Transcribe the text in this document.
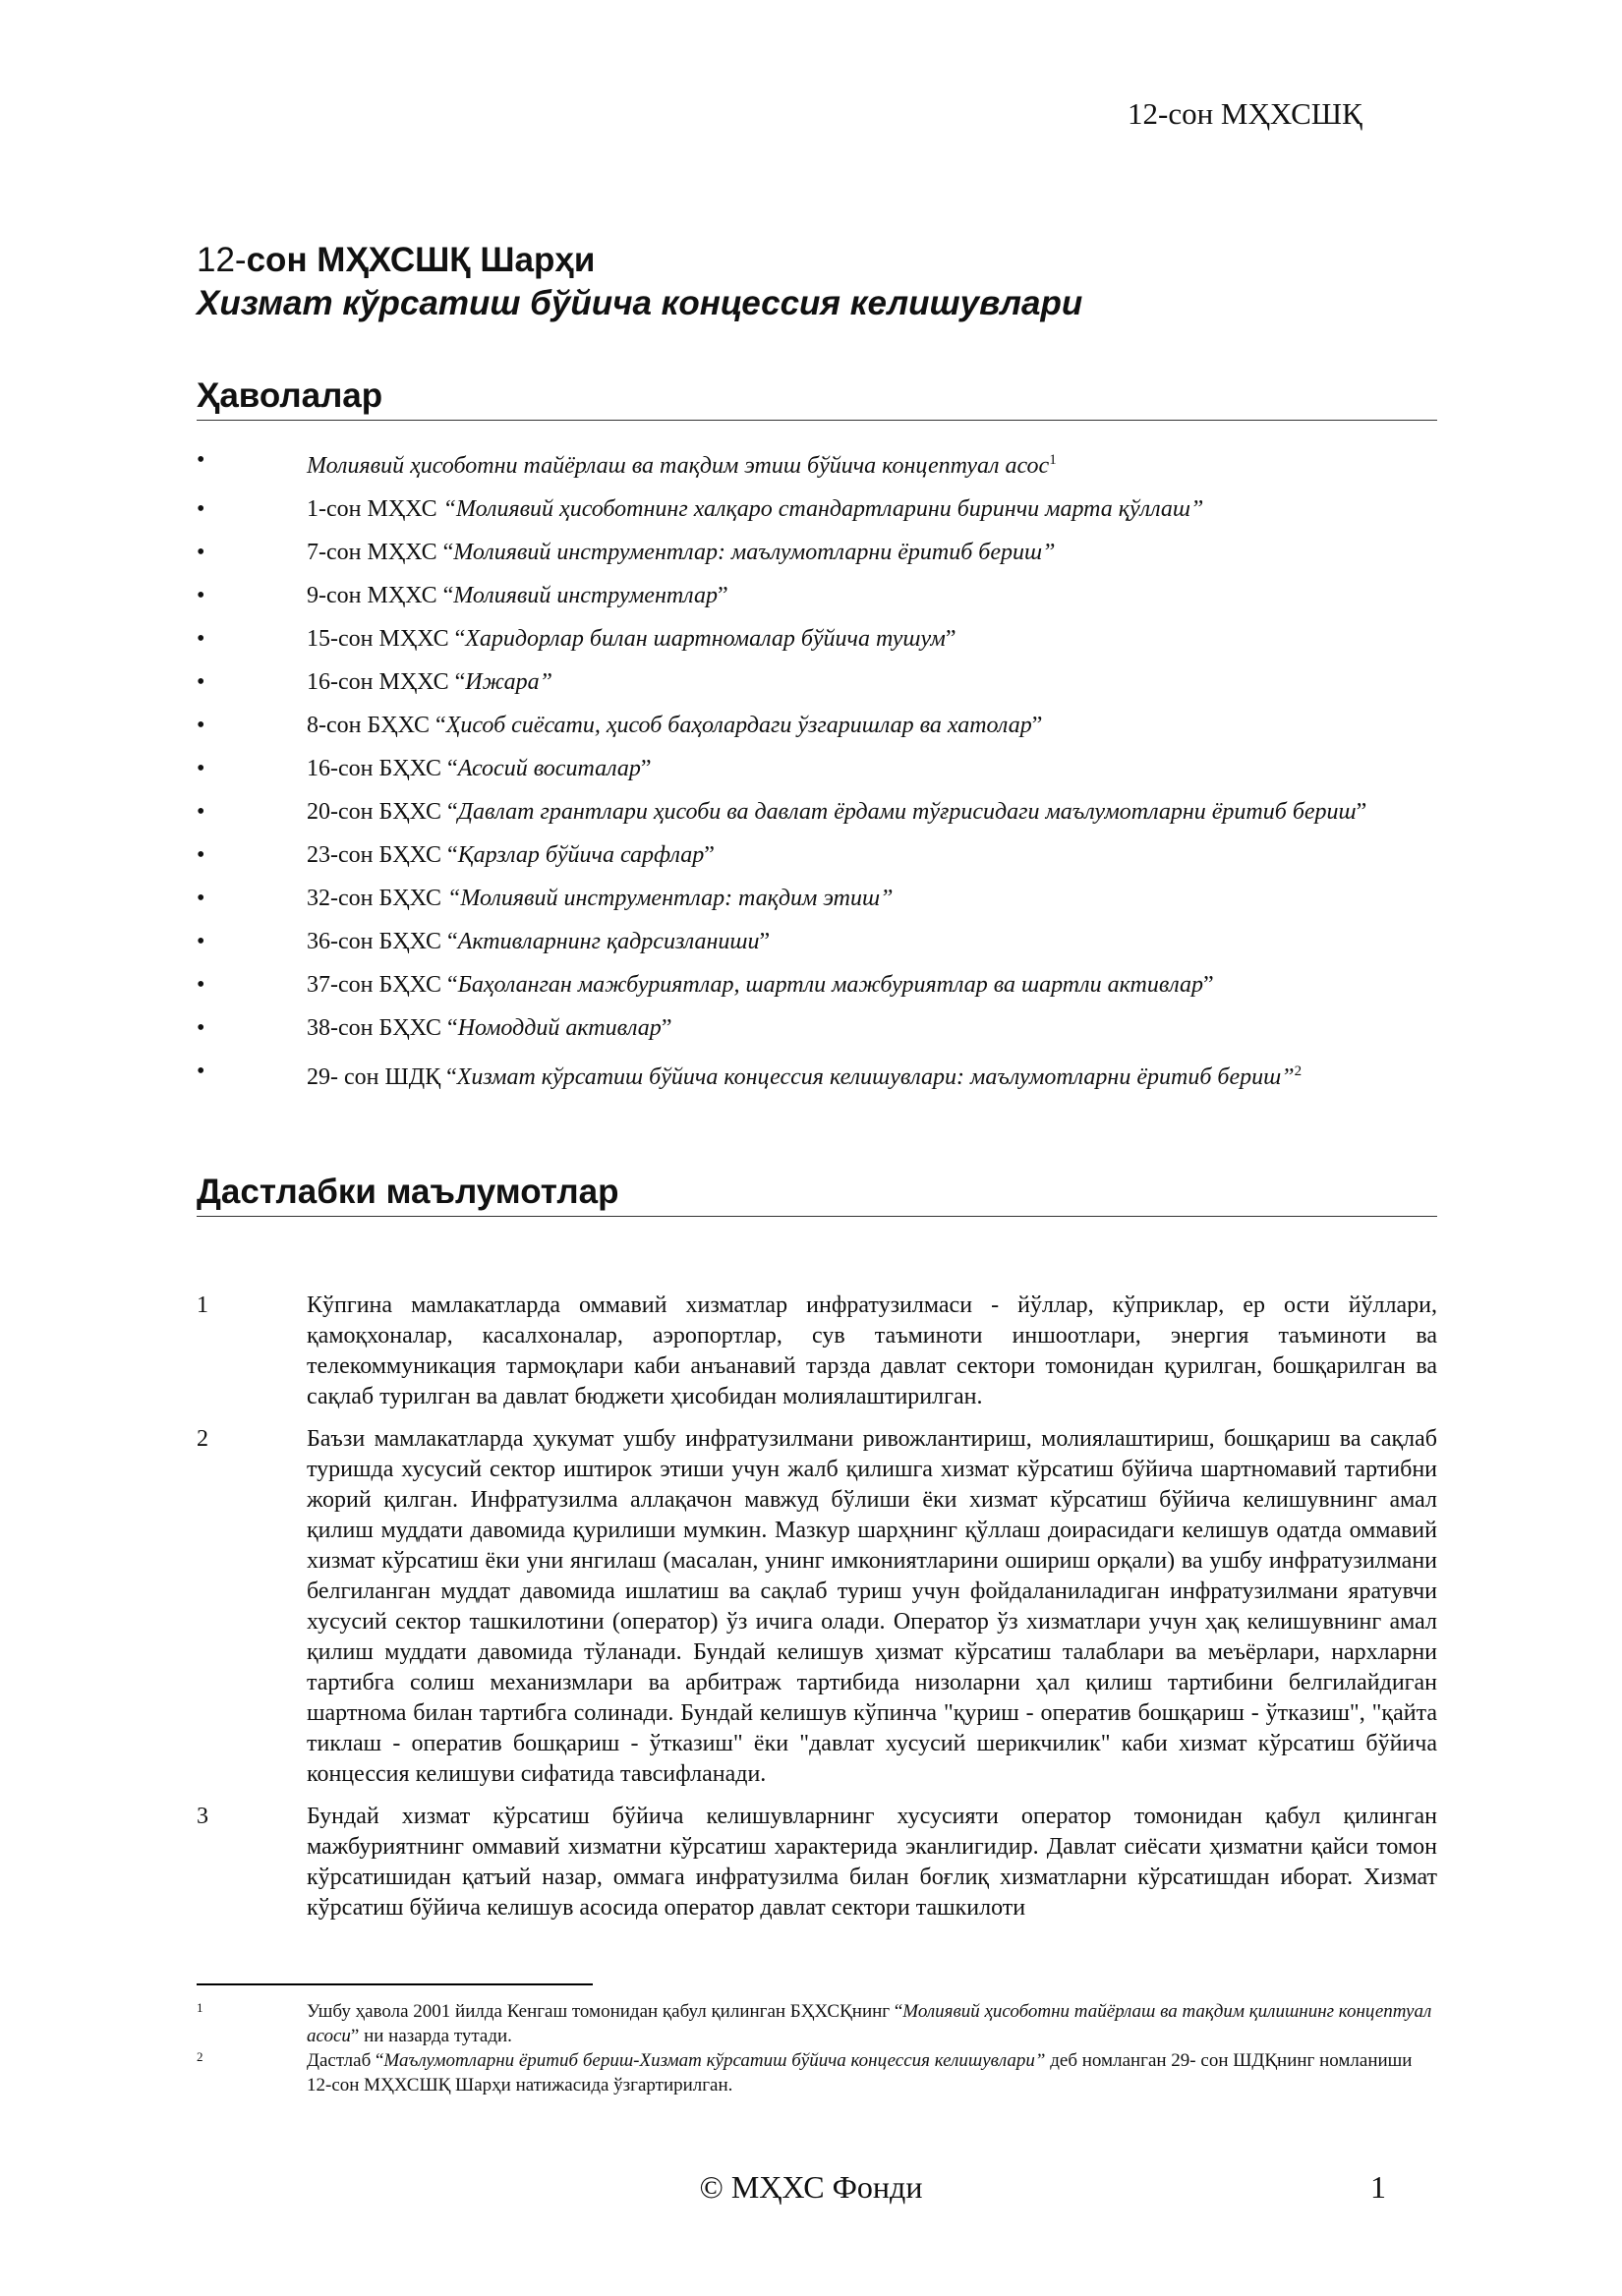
12-сон МҲХСШҚ
12-сон МҲХСШҚ Шарҳи
Хизмат кўрсатиш бўйича концессия келишувлари
Ҳаволалар
•	Молиявий ҳисоботни тайёрлаш ва тақдим этиш бўйича концептуал асос$^1$
•	1-сон МҲХС “Молиявий ҳисоботнинг халқаро стандартларини биринчи марта қўллаш”
•	7-сон МҲХС “Молиявий инструментлар: маълумотларни ёритиб бериш”
•	9-сон МҲХС “Молиявий инструментлар”
•	15-сон МҲХС “Харидорлар билан шартномалар бўйича тушум”
•	16-сон МҲХС “Ижара”
•	8-сон БҲХС “Ҳисоб сиёсати, ҳисоб баҳолардаги ўзгаришлар ва хатолар”
•	16-сон БҲХС “Асосий воситалар”
•	20-сон БҲХС “Давлат грантлари ҳисоби ва давлат ёрдами тўғрисидаги маълумотларни ёритиб бериш”
•	23-сон БҲХС “Қарзлар бўйича сарфлар”
•	32-сон БҲХС “Молиявий инструментлар: тақдим этиш”
•	36-сон БҲХС “Активларнинг қадрсизланиши”
•	37-сон БҲХС “Баҳоланган мажбуриятлар, шартли мажбуриятлар ва шартли активлар”
•	38-сон БҲХС “Номоддий активлар”
•	29- сон ШДҚ “Хизмат кўрсатиш бўйича концессия келишувлари: маълумотларни ёритиб бериш”$^2$
Дастлабки маълумотлар
1	Кўпгина мамлакатларда оммавий хизматлар инфратузилмаси - йўллар, кўприклар, ер ости йўллари, қамоқхоналар, касалхоналар, аэропортлар, сув таъминоти иншоотлари, энергия таъминоти ва телекоммуникация тармоқлари каби анъанавий тарзда давлат сектори томонидан қурилган, бошқарилган ва сақлаб турилган ва давлат бюджети ҳисобидан молиялаштирилган.
2	Баъзи мамлакатларда ҳукумат ушбу инфратузилмани ривожлантириш, молиялаштириш, бошқариш ва сақлаб туришда хусусий сектор иштирок этиши учун жалб қилишга хизмат кўрсатиш бўйича шартномавий тартибни жорий қилган. Инфратузилма аллақачон мавжуд бўлиши ёки хизмат кўрсатиш бўйича келишувнинг амал қилиш муддати давомида қурилиши мумкин. Мазкур шарҳнинг қўллаш доирасидаги келишув одатда оммавий хизмат кўрсатиш ёки уни янгилаш (масалан, унинг имкониятларини ошириш орқали) ва ушбу инфратузилмани белгиланган муддат давомида ишлатиш ва сақлаб туриш учун фойдаланиладиган инфратузилмани яратувчи хусусий сектор ташкилотини (оператор) ўз ичига олади. Оператор ўз хизматлари учун ҳақ келишувнинг амал қилиш муддати давомида тўланади. Бундай келишув ҳизмат кўрсатиш талаблари ва меъёрлари, нархларни тартибга солиш механизмлари ва арбитраж тартибида низоларни ҳал қилиш тартибини белгилайдиган шартнома билан тартибга солинади. Бундай келишув кўпинча "қуриш - оператив бошқариш - ўтказиш", "қайта тиклаш - оператив бошқариш - ўтказиш" ёки "давлат хусусий шерикчилик" каби хизмат кўрсатиш бўйича концессия келишуви сифатида тавсифланади.
3	Бундай хизмат кўрсатиш бўйича келишувларнинг хусусияти оператор томонидан қабул қилинган мажбуриятнинг оммавий хизматни кўрсатиш характерида эканлигидир. Давлат сиёсати ҳизматни қайси томон кўрсатишидан қатъий назар, оммага инфратузилма билан боғлиқ хизматларни кўрсатишдан иборат. Хизмат кўрсатиш бўйича келишув асосида оператор давлат сектори ташкилоти
1	Ушбу ҳавола 2001 йилда Кенгаш томонидан қабул қилинган БҲХСҚнинг “Молиявий ҳисоботни тайёрлаш ва тақдим қилишнинг концептуал асоси” ни назарда тутади.
2	Дастлаб “Маълумотларни ёритиб бериш-Хизмат кўрсатиш бўйича концессия келишувлари” деб номланган 29- сон ШДҚнинг номланиши 12-сон МҲХСШҚ Шарҳи натижасида ўзгартирилган.
© МҲХС Фонди	1
